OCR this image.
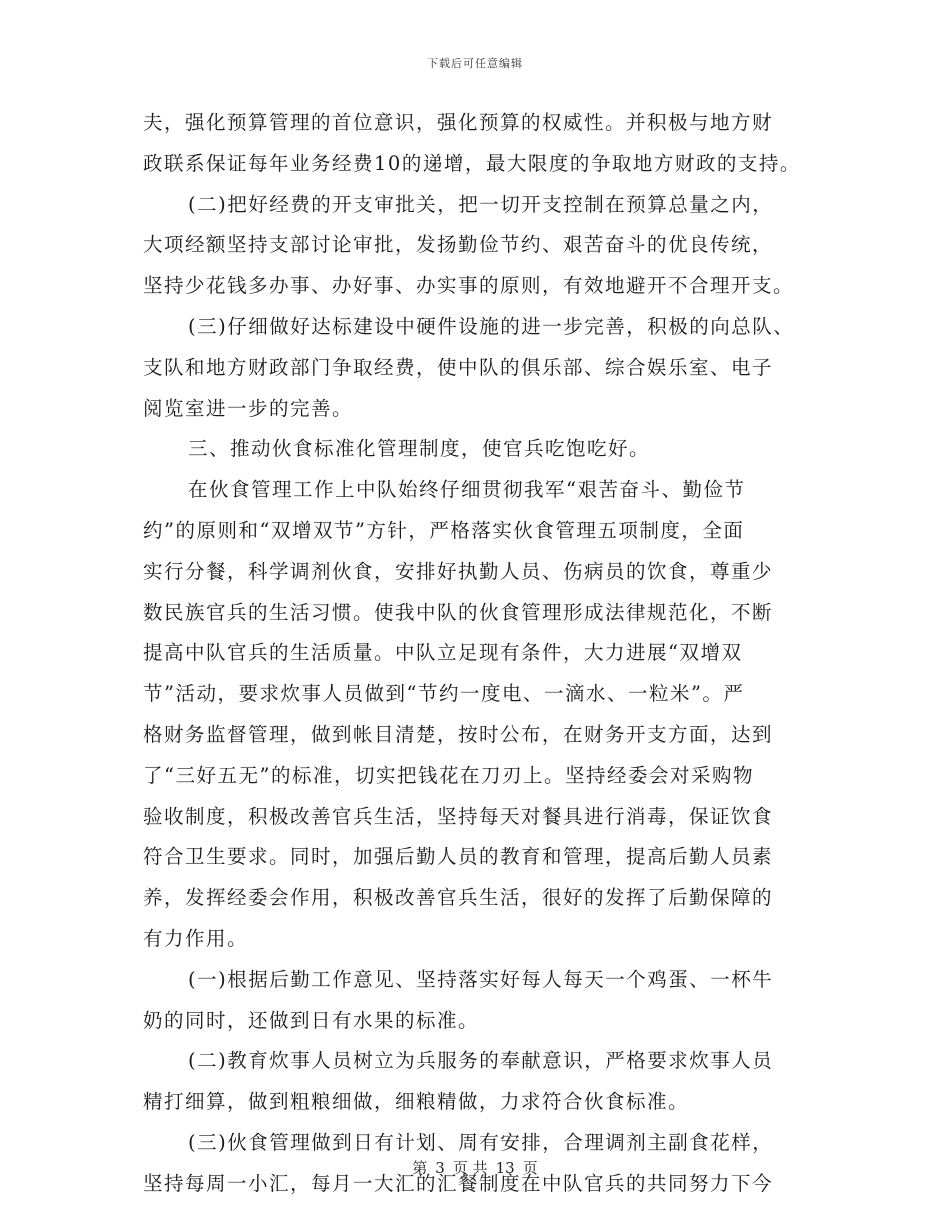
下载后可任意编辑
夫，强化预算管理的首位意识，强化预算的权威性。并积极与地方财
政联系保证每年业务经费10的递增，最大限度的争取地方财政的支持。
(二)把好经费的开支审批关，把一切开支控制在预算总量之内，
大项经额坚持支部讨论审批，发扬勤俭节约、艰苦奋斗的优良传统，
坚持少花钱多办事、办好事、办实事的原则，有效地避开不合理开支。
(三)仔细做好达标建设中硬件设施的进一步完善，积极的向总队、
支队和地方财政部门争取经费，使中队的俱乐部、综合娱乐室、电子
阅览室进一步的完善。
三、推动伙食标准化管理制度，使官兵吃饱吃好。
在伙食管理工作上中队始终仔细贯彻我军“艰苦奋斗、勤俭节
约”的原则和“双增双节”方针，严格落实伙食管理五项制度，全面
实行分餐，科学调剂伙食，安排好执勤人员、伤病员的饮食，尊重少
数民族官兵的生活习惯。使我中队的伙食管理形成法律规范化，不断
提高中队官兵的生活质量。中队立足现有条件，大力进展“双增双
节”活动，要求炊事人员做到“节约一度电、一滴水、一粒米”。严
格财务监督管理，做到帐目清楚，按时公布，在财务开支方面，达到
了“三好五无”的标准，切实把钱花在刀刃上。坚持经委会对采购物
验收制度，积极改善官兵生活，坚持每天对餐具进行消毒，保证饮食
符合卫生要求。同时，加强后勤人员的教育和管理，提高后勤人员素
养，发挥经委会作用，积极改善官兵生活，很好的发挥了后勤保障的
有力作用。
(一)根据后勤工作意见、坚持落实好每人每天一个鸡蛋、一杯牛
奶的同时，还做到日有水果的标准。
(二)教育炊事人员树立为兵服务的奉献意识，严格要求炊事人员
精打细算，做到粗粮细做，细粮精做，力求符合伙食标准。
(三)伙食管理做到日有计划、周有安排，合理调剂主副食花样，
坚持每周一小汇，每月一大汇的汇餐制度在中队官兵的共同努力下今
第 3 页 共 13 页
